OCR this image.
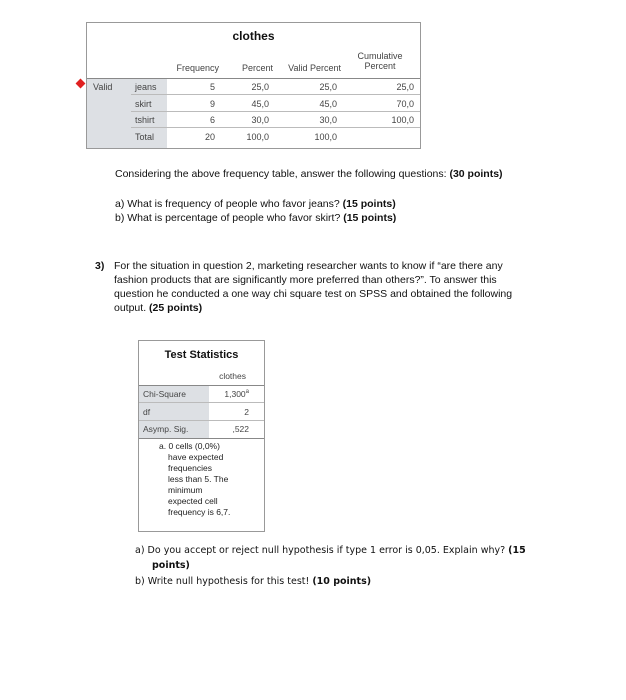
clothes
Frequency	Percent	Valid Percent
Cumulative Percent
Valid	jeans	5	25,0	25,0	25,0
skirt	9	45,0	45,0	70,0
tshirt	6	30,0	30,0	100,0
Total	20	100,0	100,0
Considering the above frequency table, answer the following questions: (30 points)
a) What is frequency of people who favor jeans? (15 points)
b) What is percentage of people who favor skirt? (15 points)
3) For the situation in question 2, marketing researcher wants to know if “are there any
fashion products that are significantly more preferred than others?”. To answer this
question he conducted a one way chi square test on SPSS and obtained the following
output. (25 points)
Test Statistics
clothes
Chi-Square	1,300$^a$
df	2
Asymp. Sig.	,522
a. 0 cells (0,0%)
have expected
frequencies
less than 5. The
minimum
expected cell
frequency is 6,7.
a) Do you accept or reject null hypothesis if type 1 error is 0,05. Explain why? (15
points)
b) Write null hypothesis for this test! (10 points)
